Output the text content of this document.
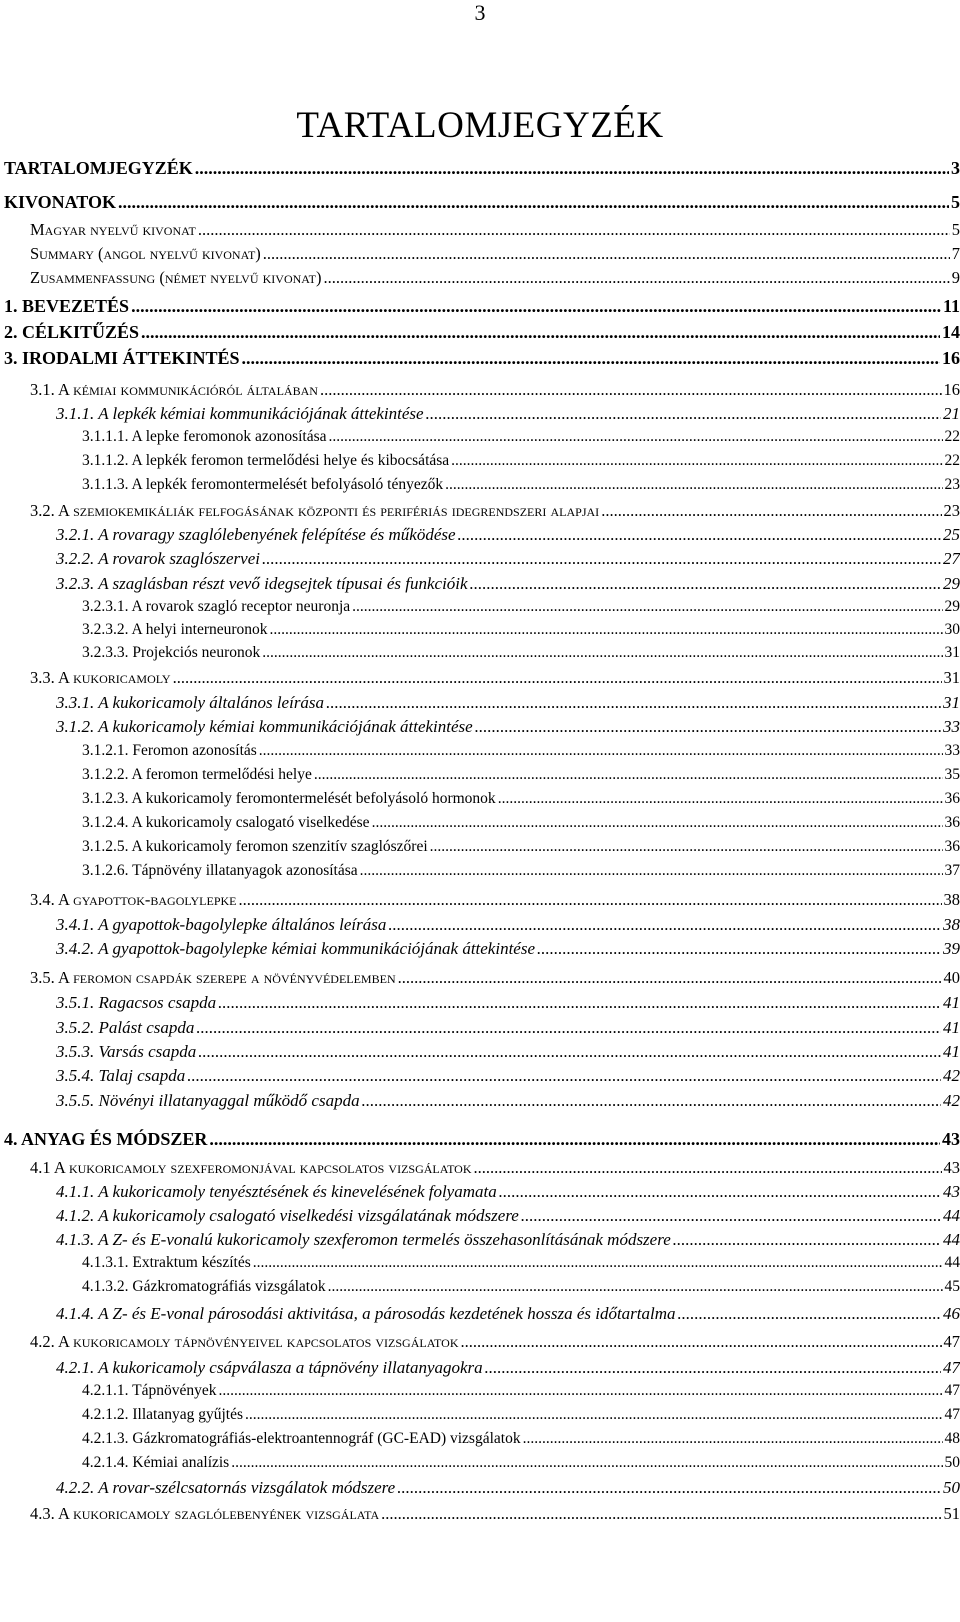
3
TARTALOMJEGYZÉK
TARTALOMJEGYZÉK .....	3
KIVONATOK .....	5
Magyar nyelvű kivonat .....	5
Summary (angol nyelvű kivonat) .....	7
Zusammenfassung (német nyelvű kivonat) .....	9
1. BEVEZETÉS .....	11
2. CÉLKITŰZÉS .....	14
3. IRODALMI ÁTTEKINTÉS .....	16
3.1. A kémiai kommunikációról általában .....	16
3.1.1. A lepkék kémiai kommunikációjának áttekintése .....	21
3.1.1.1. A lepke feromonok azonosítása .....	22
3.1.1.2. A lepkék feromon termelődési helye és kibocsátása .....	22
3.1.1.3. A lepkék feromontermelését befolyásoló tényezők .....	23
3.2. A szemiokemikáliák felfogásának központi és perifériás idegrendszeri alapjai .....	23
3.2.1. A rovaragy szaglólebenyének felépítése és működése .....	25
3.2.2. A rovarok szaglószervei .....	27
3.2.3. A szaglásban részt vevő idegsejtek típusai és funkcióik .....	29
3.2.3.1. A rovarok szagló receptor neuronja .....	29
3.2.3.2. A helyi interneuronok .....	30
3.2.3.3. Projekciós neuronok .....	31
3.3. A kukoricamoly .....	31
3.3.1. A kukoricamoly általános leírása .....	31
3.1.2. A kukoricamoly kémiai kommunikációjának áttekintése .....	33
3.1.2.1. Feromon azonosítás .....	33
3.1.2.2. A feromon termelődési helye .....	35
3.1.2.3. A kukoricamoly feromontermelését befolyásoló hormonok .....	36
3.1.2.4. A kukoricamoly csalogató viselkedése .....	36
3.1.2.5. A kukoricamoly feromon szenzitív szaglószőrei .....	36
3.1.2.6. Tápnövény illatanyagok azonosítása .....	37
3.4. A gyapottok-bagolylepke .....	38
3.4.1. A gyapottok-bagolylepke általános leírása .....	38
3.4.2. A gyapottok-bagolylepke kémiai kommunikációjának áttekintése .....	39
3.5. A feromon csapdák szerepe a növényvédelemben .....	40
3.5.1. Ragacsos csapda .....	41
3.5.2. Palást csapda .....	41
3.5.3. Varsás csapda .....	41
3.5.4. Talaj csapda .....	42
3.5.5. Növényi illatanyaggal működő csapda .....	42
4. ANYAG ÉS MÓDSZER .....	43
4.1 A kukoricamoly szexferomonjával kapcsolatos vizsgálatok .....	43
4.1.1. A kukoricamoly tenyésztésének és kinevelésének folyamata .....	43
4.1.2. A kukoricamoly csalogató viselkedési vizsgálatának módszere .....	44
4.1.3. A Z- és E-vonalú kukoricamoly szexferomon termelés összehasonlításának módszere .....	44
4.1.3.1. Extraktum készítés .....	44
4.1.3.2. Gázkromatográfiás vizsgálatok .....	45
4.1.4. A Z- és E-vonal párosodási aktivitása, a párosodás kezdetének hossza és időtartalma .....	46
4.2. A kukoricamoly tápnövényeivel kapcsolatos vizsgálatok .....	47
4.2.1. A kukoricamoly csápválasza a tápnövény illatanyagokra .....	47
4.2.1.1. Tápnövények .....	47
4.2.1.2. Illatanyag gyűjtés .....	47
4.2.1.3. Gázkromatográfiás-elektroantennográf (GC-EAD) vizsgálatok .....	48
4.2.1.4. Kémiai analízis .....	50
4.2.2. A rovar-szélcsatornás vizsgálatok módszere .....	50
4.3. A kukoricamoly szaglólebenyének vizsgálata .....	51
